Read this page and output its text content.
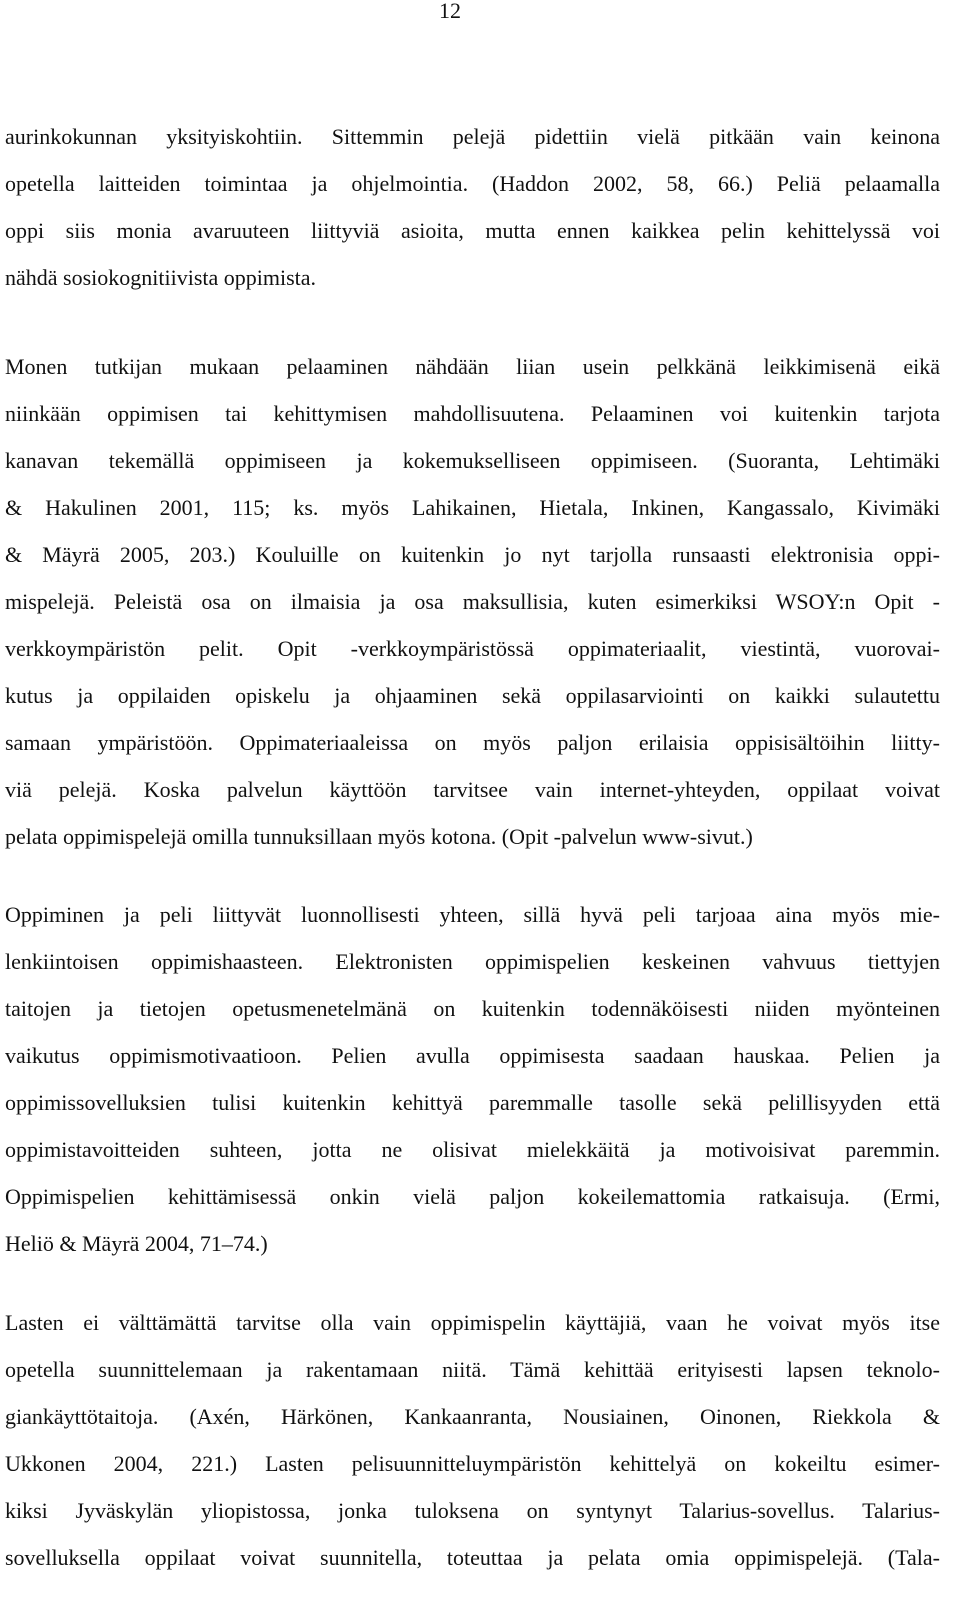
12
aurinkokunnan yksityiskohtiin. Sittemmin pelejä pidettiin vielä pitkään vain keinona
opetella laitteiden toimintaa ja ohjelmointia. (Haddon 2002, 58, 66.) Peliä pelaamalla
oppi siis monia avaruuteen liittyviä asioita, mutta ennen kaikkea pelin kehittelyssä voi
nähdä sosiokognitiivista oppimista.
Monen tutkijan mukaan pelaaminen nähdään liian usein pelkkänä leikkimisenä eikä
niinkään oppimisen tai kehittymisen mahdollisuutena. Pelaaminen voi kuitenkin tarjota
kanavan tekemällä oppimiseen ja kokemukselliseen oppimiseen. (Suoranta, Lehtimäki
& Hakulinen 2001, 115; ks. myös Lahikainen, Hietala, Inkinen, Kangassalo, Kivimäki
& Mäyrä 2005, 203.) Kouluille on kuitenkin jo nyt tarjolla runsaasti elektronisia oppi-
mispelejä. Peleistä osa on ilmaisia ja osa maksullisia, kuten esimerkiksi WSOY:n Opit -
verkkoympäristön pelit. Opit -verkkoympäristössä oppimateriaalit, viestintä, vuorovai-
kutus ja oppilaiden opiskelu ja ohjaaminen sekä oppilasarviointi on kaikki sulautettu
samaan ympäristöön. Oppimateriaaleissa on myös paljon erilaisia oppisisältöihin liitty-
viä pelejä. Koska palvelun käyttöön tarvitsee vain internet-yhteyden, oppilaat voivat
pelata oppimispelejä omilla tunnuksillaan myös kotona. (Opit -palvelun www-sivut.)
Oppiminen ja peli liittyvät luonnollisesti yhteen, sillä hyvä peli tarjoaa aina myös mie-
lenkiintoisen oppimishaasteen. Elektronisten oppimispelien keskeinen vahvuus tiettyjen
taitojen ja tietojen opetusmenetelmänä on kuitenkin todennäköisesti niiden myönteinen
vaikutus oppimismotivaatioon. Pelien avulla oppimisesta saadaan hauskaa. Pelien ja
oppimissovelluksien tulisi kuitenkin kehittyä paremmalle tasolle sekä pelillisyyden että
oppimistavoitteiden suhteen, jotta ne olisivat mielekkäitä ja motivoisivat paremmin.
Oppimispelien kehittämisessä onkin vielä paljon kokeilemattomia ratkaisuja. (Ermi,
Heliö & Mäyrä 2004, 71–74.)
Lasten ei välttämättä tarvitse olla vain oppimispelin käyttäjiä, vaan he voivat myös itse
opetella suunnittelemaan ja rakentamaan niitä. Tämä kehittää erityisesti lapsen teknolo-
giankäyttötaitoja. (Axén, Härkönen, Kankaanranta, Nousiainen, Oinonen, Riekkola &
Ukkonen 2004, 221.) Lasten pelisuunnitteluympäristön kehittelyä on kokeiltu esimer-
kiksi Jyväskylän yliopistossa, jonka tuloksena on syntynyt Talarius-sovellus. Talarius-
sovelluksella oppilaat voivat suunnitella, toteuttaa ja pelata omia oppimispelejä. (Tala-
